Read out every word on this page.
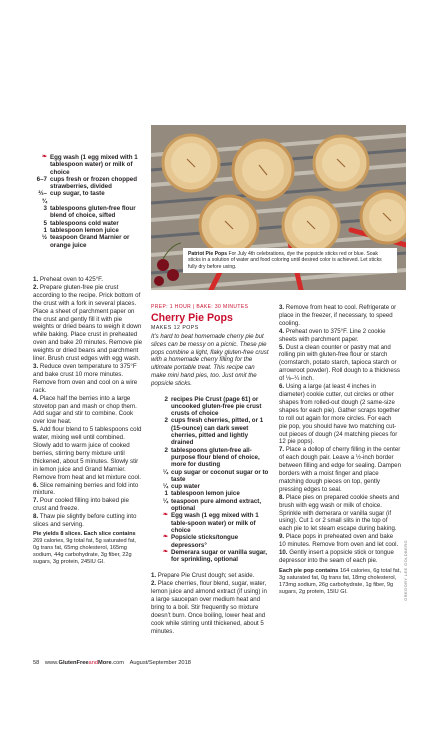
Patriot Pie Pops For July 4th celebrations, dye the popsicle sticks red or blue. Soak sticks in a solution of water and food coloring until desired color is achieved. Let sticks fully dry before using.
❧ Egg wash (1 egg mixed with 1 tablespoon water) or milk of choice
6–7 cups fresh or frozen chopped strawberries, divided
⅔–¾
cup sugar, to taste
3 tablespoons gluten-free flour blend of choice, sifted
5 tablespoons cold water
1 tablespoon lemon juice
½ teaspoon Grand Marnier or orange juice

1. Preheat oven to 425°F.

2. Prepare gluten-free pie crust according to the recipe. Prick bottom of the crust with a fork in several places. Place a sheet of parchment paper on the crust and gently fill it with pie weights or dried beans to weigh it down while baking. Place crust in preheated oven and bake 20 minutes. Remove pie weights or dried beans and parchment liner. Brush crust edges with egg wash.

3. Reduce oven temperature to 375°F and bake crust 10 more minutes. Remove from oven and cool on a wire rack.

4. Place half the berries into a large stovetop pan and mash or chop them. Add sugar and stir to combine. Cook over low heat.

5. Add flour blend to 5 tablespoons cold water, mixing well until combined. Slowly add to warm juice of cooked berries, stirring berry mixture until thickened, about 5 minutes. Slowly stir in lemon juice and Grand Marnier. Remove from heat and let mixture cool.

6. Slice remaining berries and fold into mixture.

7. Pour cooled filling into baked pie crust and freeze.

8. Thaw pie slightly before cutting into slices and serving.

Pie yields 8 slices. Each slice contains 269 calories, 9g total fat, 5g saturated fat, 0g trans fat, 65mg cholesterol, 165mg sodium, 44g carbohydrate, 3g fiber, 22g sugars, 3g protein, 245IU GI.

PREP: 1 HOUR | BAKE: 30 MINUTES
Cherry Pie Pops
MAKES 12 POPS

It’s hard to beat homemade cherry pie but slices can be messy on a picnic. These pie pops combine a light, flaky gluten-free crust with a homemade cherry filling for the ultimate portable treat. This recipe can make mini hand pies, too. Just omit the popsicle sticks.

2 recipes Pie Crust (page 61) or uncooked gluten-free pie crust crusts of choice
2 cups fresh cherries, pitted, or 1 (15-ounce) can dark sweet cherries, pitted and lightly drained
2 tablespoons gluten-free all-purpose flour blend of choice, more for dusting
¼ cup sugar or coconut sugar or to taste
¼ cup water
1 tablespoon lemon juice
¼ teaspoon pure almond extract, optional
❧ Egg wash (1 egg mixed with 1 table-spoon water) or milk of choice
❧ Popsicle sticks/tongue depressors°
❧ Demerara sugar or vanilla sugar, for sprinkling, optional

1. Prepare Pie Crust dough; set aside.

2. Place cherries, flour blend, sugar, water, lemon juice and almond extract (if using) in a large saucepan over medium heat and bring to a boil. Stir frequently so mixture doesn’t burn. Once boiling, lower heat and cook while stirring until thickened, about 5 minutes.

3. Remove from heat to cool. Refrigerate or place in the freezer, if necessary, to speed cooling.

4. Preheat oven to 375°F. Line 2 cookie sheets with parchment paper.

5. Dust a clean counter or pastry mat and rolling pin with gluten-free flour or starch (cornstarch, potato starch, tapioca starch or arrowroot powder). Roll dough to a thickness of ⅛–¼ inch.

6. Using a large (at least 4 inches in diameter) cookie cutter, cut circles or other shapes from rolled-out dough (2 same-size shapes for each pie). Gather scraps together to roll out again for more circles. For each pie pop, you should have two matching cut-out pieces of dough (24 matching pieces for 12 pie pops).

7. Place a dollop of cherry filling in the center of each dough pair. Leave a ½-inch border between filling and edge for sealing. Dampen borders with a moist finger and place matching dough pieces on top, gently pressing edges to seal.

8. Place pies on prepared cookie sheets and brush with egg wash or milk of choice. Sprinkle with demerara or vanilla sugar (if using). Cut 1 or 2 small slits in the top of each pie to let steam escape during baking.

9. Place pops in preheated oven and bake 10 minutes. Remove from oven and let cool.

10. Gently insert a popsicle stick or tongue depressor into the seam of each pie.

Each pie pop contains 164 calories, 6g total fat, 3g saturated fat, 0g trans fat, 18mg cholesterol, 173mg sodium, 26g carbohydrate, 1g fiber, 9g sugars, 2g protein, 15IU GI.	GREGORY LEE GOLDBERG
58 www.GlutenFreeandMore.com August/September 2018
